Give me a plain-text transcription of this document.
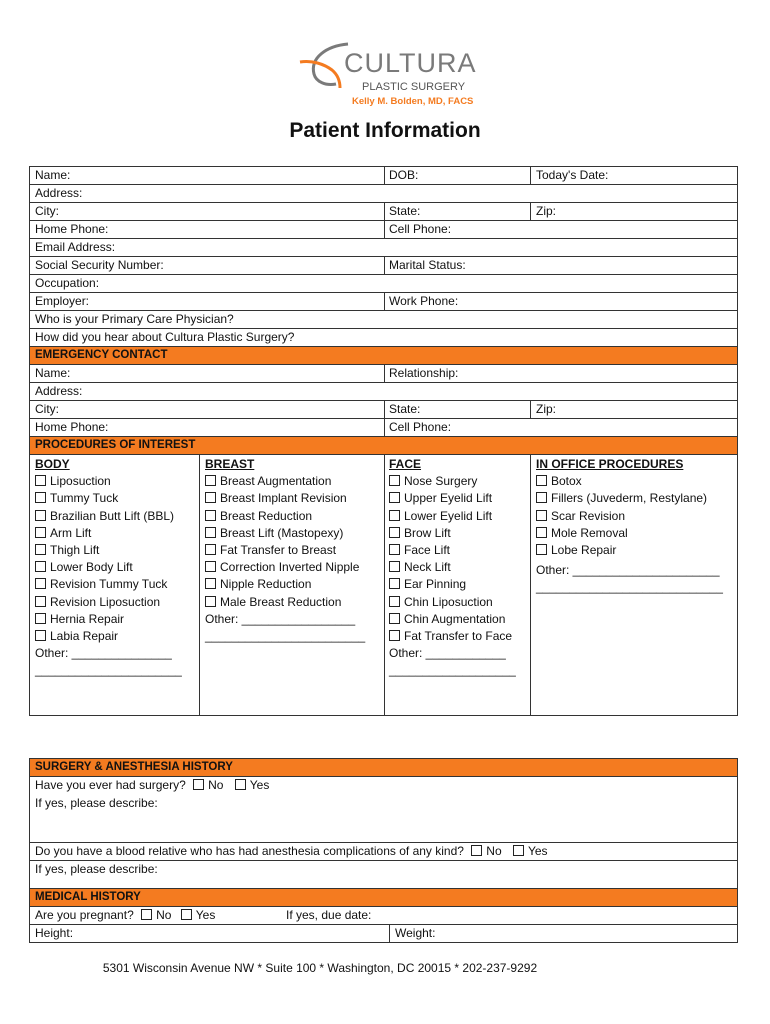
CULTURA
PLASTIC SURGERY
Kelly M. Bolden, MD, FACS
Patient Information
Name:	DOB:	Today's Date:
Address:
City:	State:	Zip:
Home Phone:	Cell Phone:
Email Address:
Social Security Number:	Marital Status:
Occupation:
Employer:	Work Phone:
Who is your Primary Care Physician?
How did you hear about Cultura Plastic Surgery?
EMERGENCY CONTACT
Name:	Relationship:
Address:
City:	State:	Zip:
Home Phone:	Cell Phone:
PROCEDURES OF INTEREST
BODY
Liposuction
Tummy Tuck
Brazilian Butt Lift (BBL)
Arm Lift
Thigh Lift
Lower Body Lift
Revision Tummy Tuck
Revision Liposuction
Hernia Repair
Labia Repair
Other: _______________
______________________
BREAST
Breast Augmentation
Breast Implant Revision
Breast Reduction
Breast Lift (Mastopexy)
Fat Transfer to Breast
Correction Inverted Nipple
Nipple Reduction
Male Breast Reduction
Other: _________________
________________________
FACE
Nose Surgery
Upper Eyelid Lift
Lower Eyelid Lift
Brow Lift
Face Lift
Neck Lift
Ear Pinning
Chin Liposuction
Chin Augmentation
Fat Transfer to Face
Other: ____________
___________________
IN OFFICE PROCEDURES
Botox
Fillers (Juvederm, Restylane)
Scar Revision
Mole Removal
Lobe Repair
Other: ______________________
____________________________
SURGERY & ANESTHESIA HISTORY
Have you ever had surgery? No Yes
If yes, please describe:
Do you have a blood relative who has had anesthesia complications of any kind? No Yes
If yes, please describe:
MEDICAL HISTORY
Are you pregnant? No Yes	If yes, due date:
Height:	Weight:
5301 Wisconsin Avenue NW * Suite 100 * Washington, DC 20015 * 202-237-9292
